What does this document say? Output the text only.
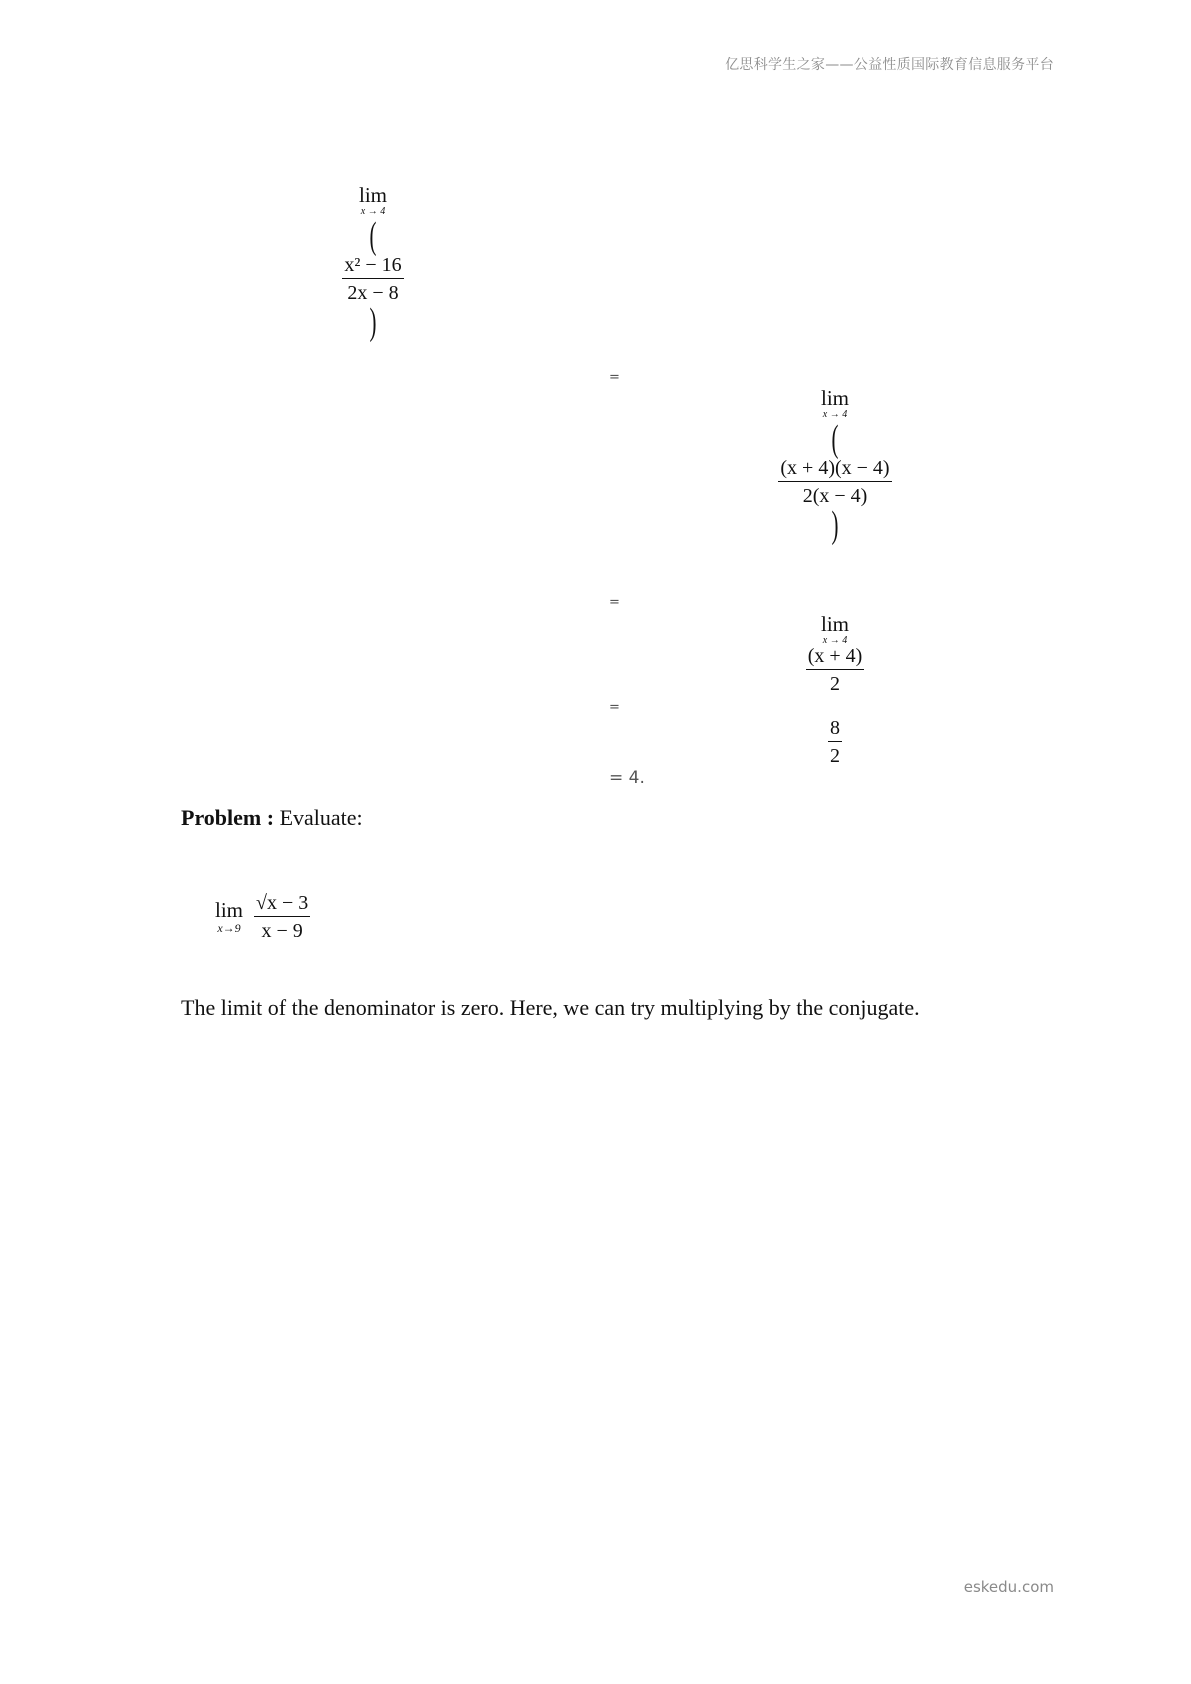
亿思科学生之家——公益性质国际教育信息服务平台
lim
x → 4
(
$\frac{\text{x² − 16}}{2x - 8}$
)
=
lim
x → 4
(
$\frac{(x + 4)(x - 4)}{2(x - 4)}$
)
=
lim
x → 4
$\frac{(x + 4)}{2}$
=
$\frac{8}{2}$
= 4.
Problem : Evaluate:
lim
x→9
$\frac{√x - 3}{x - 9}$
The limit of the denominator is zero. Here, we can try multiplying by the conjugate.
eskedu.com
